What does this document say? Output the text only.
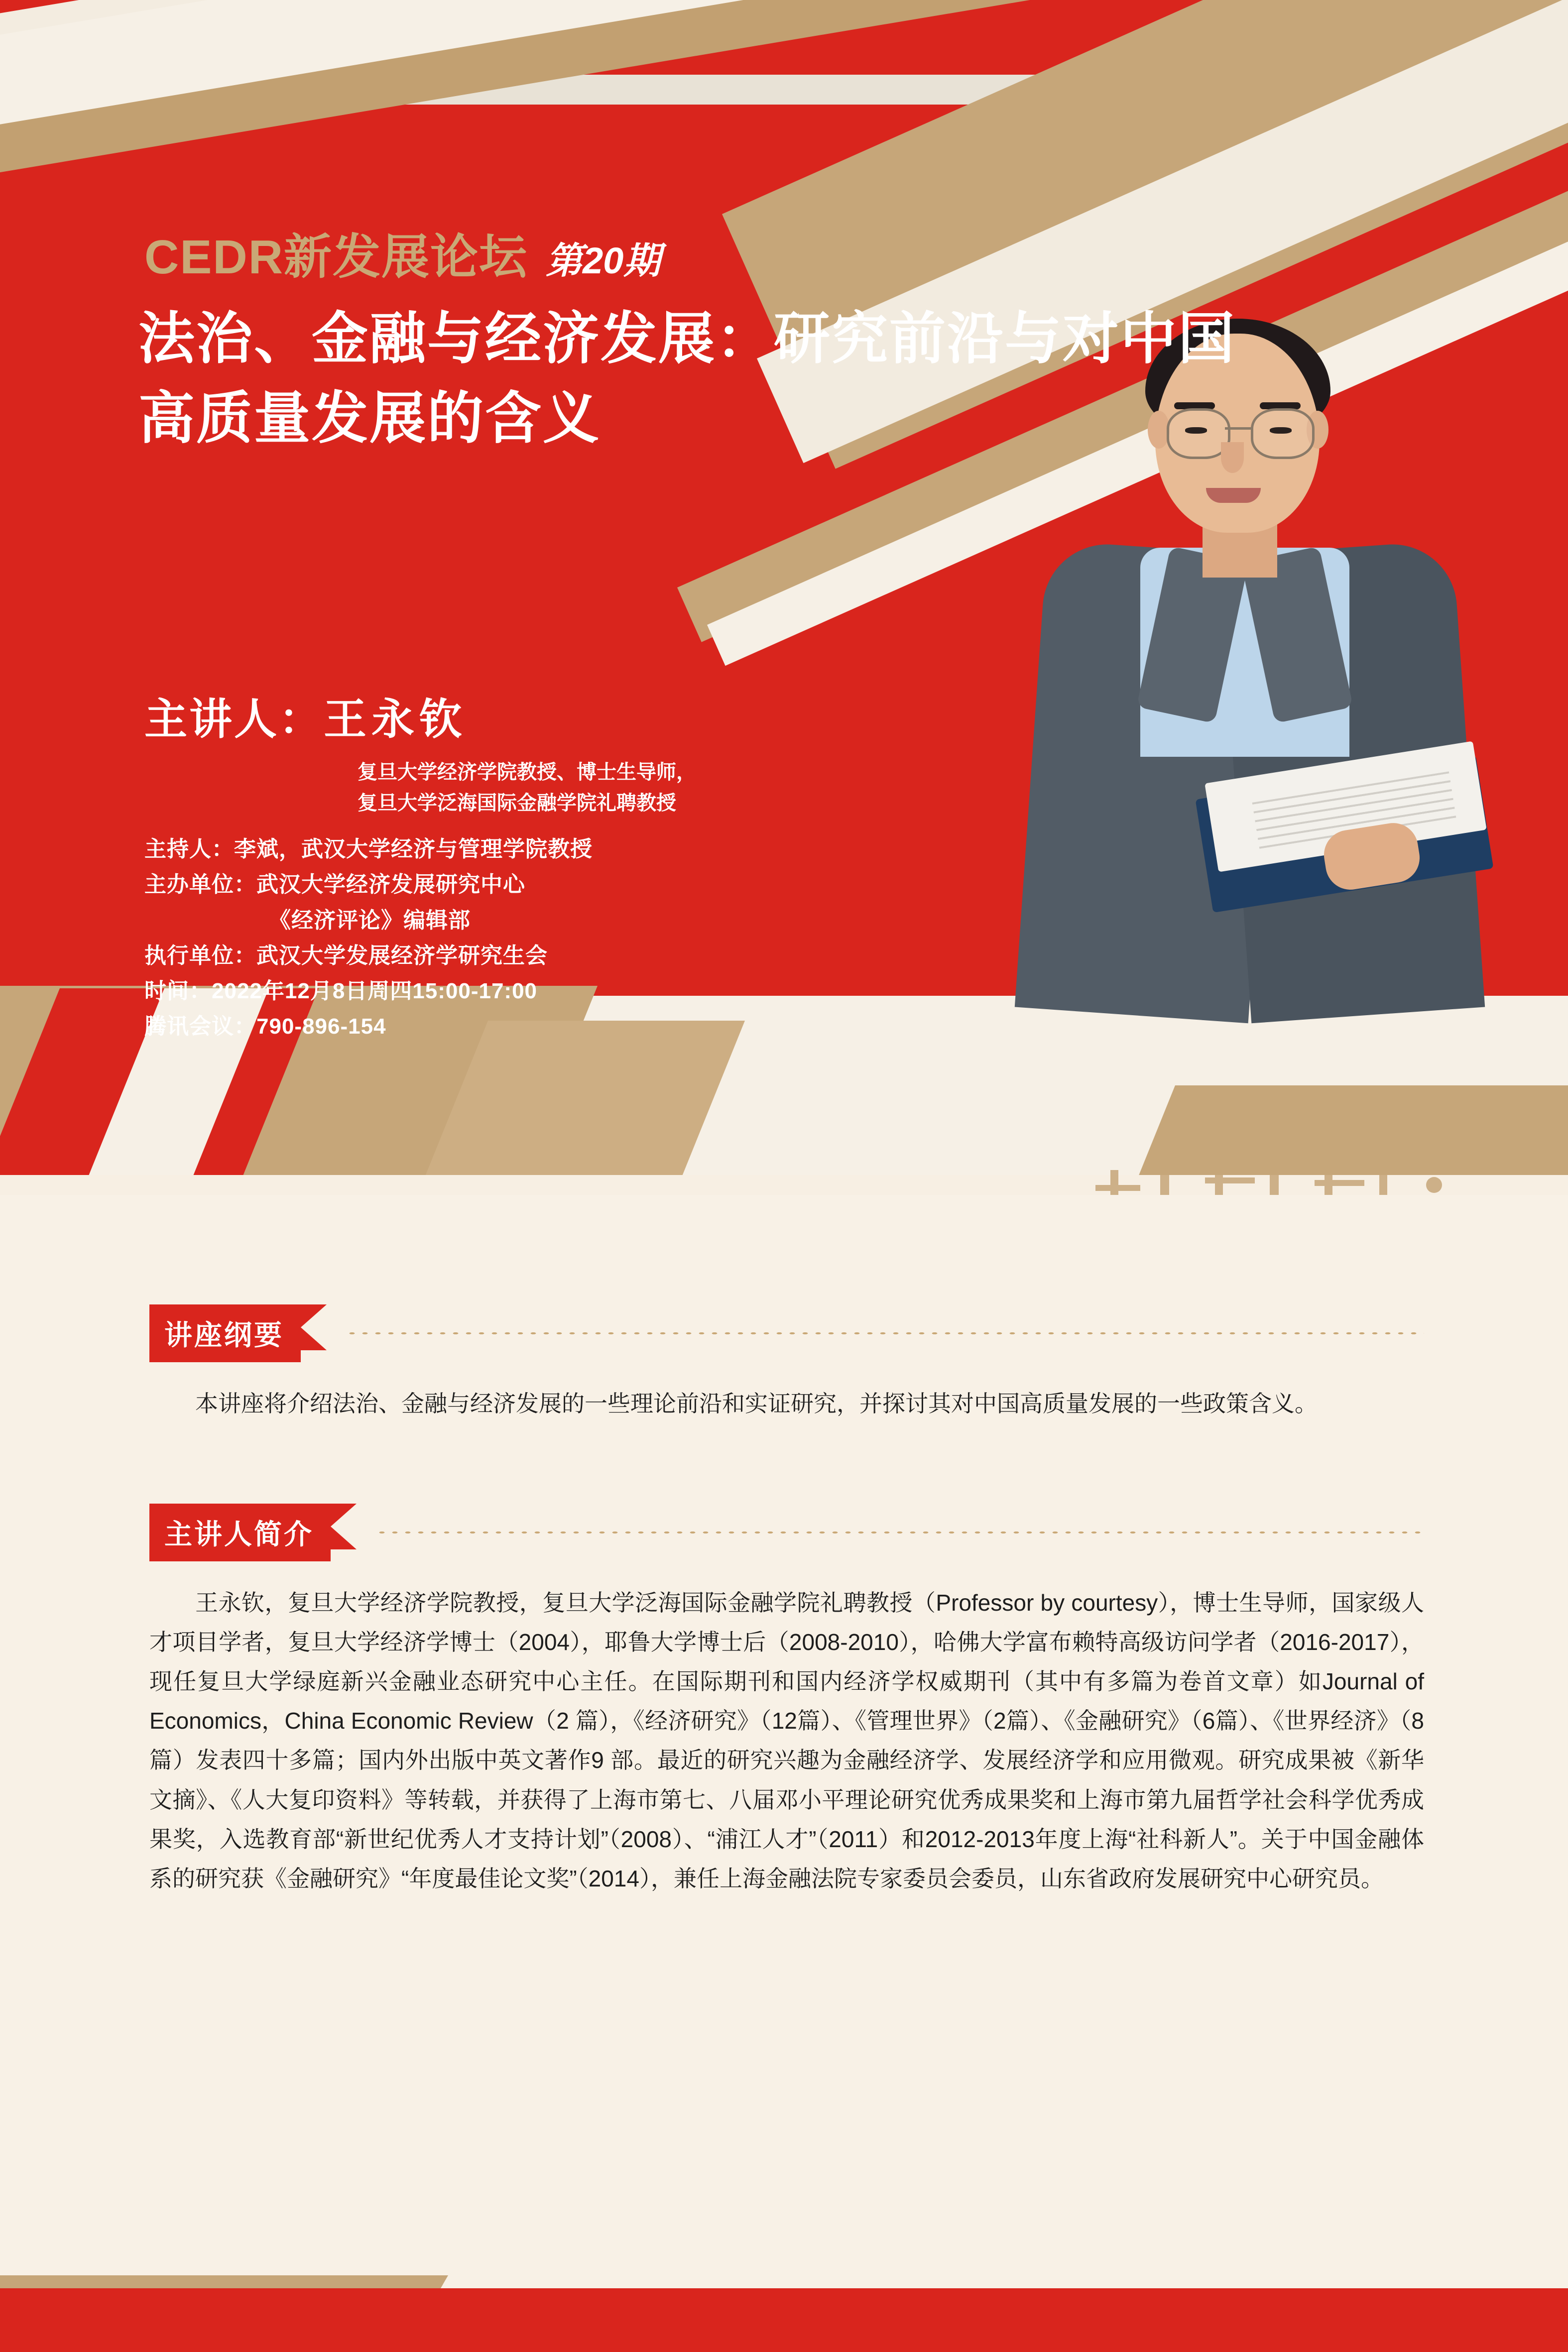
CEDR新发展论坛 第20期
法治、金融与经济发展：研究前沿与对中国高质量发展的含义
主讲人：王永钦
复旦大学经济学院教授、博士生导师，
复旦大学泛海国际金融学院礼聘教授
主持人：李斌，武汉大学经济与管理学院教授
主办单位：武汉大学经济发展研究中心
《经济评论》编辑部
执行单位：武汉大学发展经济学研究生会
时间：2022年12月8日周四15:00-17:00
腾讯会议：790-896-154
讲座纲要
本讲座将介绍法治、金融与经济发展的一些理论前沿和实证研究，并探讨其对中国高质量发展的一些政策含义。
主讲人简介
王永钦，复旦大学经济学院教授，复旦大学泛海国际金融学院礼聘教授（Professor by courtesy），博士生导师，国家级人才项目学者，复旦大学经济学博士（2004），耶鲁大学博士后（2008-2010），哈佛大学富布赖特高级访问学者（2016-2017），现任复旦大学绿庭新兴金融业态研究中心主任。在国际期刊和国内经济学权威期刊（其中有多篇为卷首文章）如Journal of Economics，China Economic Review（2 篇），《经济研究》（12篇）、《管理世界》（2篇）、《金融研究》（6篇）、《世界经济》（8篇）发表四十多篇；国内外出版中英文著作9 部。最近的研究兴趣为金融经济学、发展经济学和应用微观。研究成果被《新华文摘》、《人大复印资料》等转载，并获得了上海市第七、八届邓小平理论研究优秀成果奖和上海市第九届哲学社会科学优秀成果奖，入选教育部“新世纪优秀人才支持计划”（2008）、“浦江人才”（2011）和2012-2013年度上海“社科新人”。关于中国金融体系的研究获《金融研究》“年度最佳论文奖”（2014），兼任上海金融法院专家委员会委员，山东省政府发展研究中心研究员。
